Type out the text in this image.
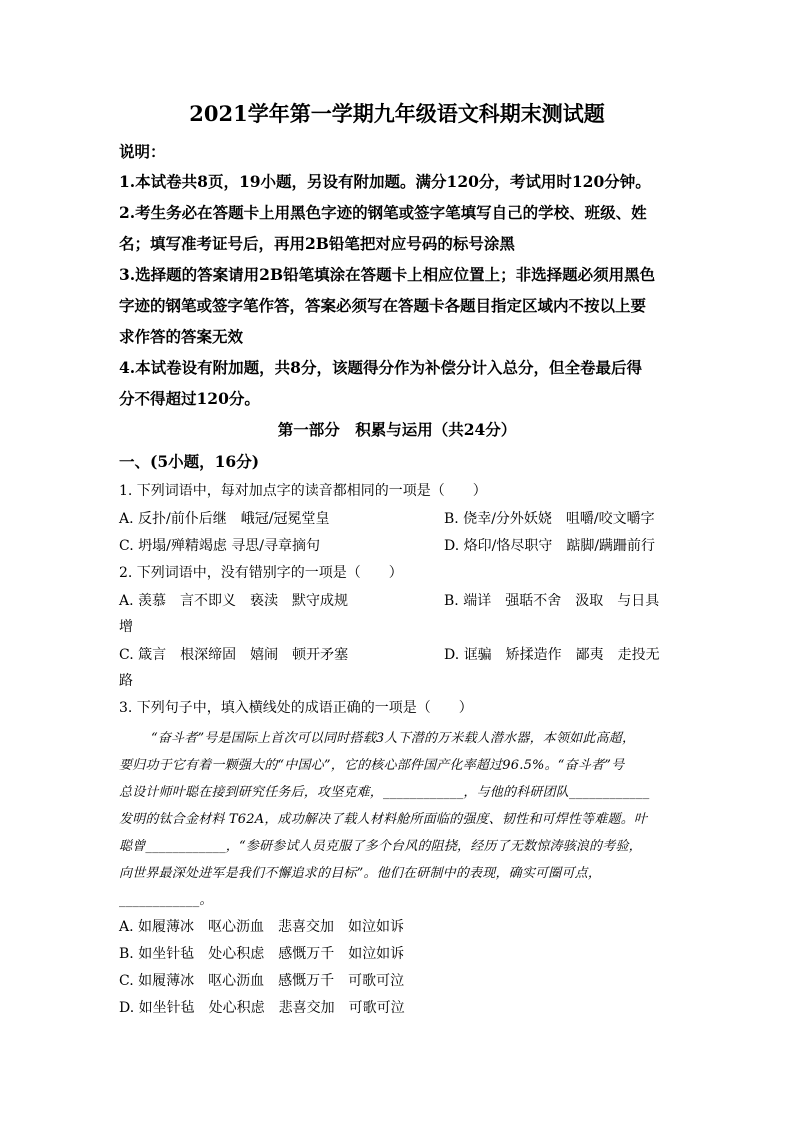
2021学年第一学期九年级语文科期末测试题
说明：
1.本试卷共8页，19小题，另设有附加题。满分120分，考试用时120分钟。
2.考生务必在答题卡上用黑色字迹的钢笔或签字笔填写自己的学校、班级、姓
名；填写准考证号后，再用2B铅笔把对应号码的标号涂黑
3.选择题的答案请用2B铅笔填涂在答题卡上相应位置上；非选择题必须用黑色
字迹的钢笔或签字笔作答，答案必须写在答题卡各题目指定区域内不按以上要
求作答的答案无效
4.本试卷设有附加题，共8分，该题得分作为补偿分计入总分，但全卷最后得
分不得超过120分。
第一部分　积累与运用（共24分）
一、(5小题，16分)
1. 下列词语中，每对加点字的读音都相同的一项是（　　）
A. 反扑/前仆后继　峨冠/冠冕堂皇	B. 侥幸/分外妖娆　咀嚼/咬文嚼字
C. 坍塌/殚精竭虑 寻思/寻章摘句	D. 烙印/恪尽职守　踮脚/蹒跚前行
2. 下列词语中，没有错别字的一项是（　　）
A. 羡慕　言不即义　亵渎　默守成规	B. 端详　强聒不舍　汲取　与日具
增
C. 箴言　根深缔固　嬉闹　顿开矛塞	D. 诓骗　矫揉造作　鄙夷　走投无
路
3. 下列句子中，填入横线处的成语正确的一项是（　　）
“奋斗者”号是国际上首次可以同时搭载3人下潜的万米载人潜水器，本领如此高超，
要归功于它有着一颗强大的“中国心”，它的核心部件国产化率超过96.5%。“奋斗者”号
总设计师叶聪在接到研究任务后，攻坚克难，____________，与他的科研团队____________
发明的钛合金材料 T62A，成功解决了载人材料舱所面临的强度、韧性和可焊性等难题。叶
聪曾____________，“参研参试人员克服了多个台风的阻挠，经历了无数惊涛骇浪的考验，
向世界最深处进军是我们不懈追求的目标”。他们在研制中的表现，确实可圈可点，
____________。
A. 如履薄冰　呕心沥血　悲喜交加　如泣如诉
B. 如坐针毡　处心积虑　感慨万千　如泣如诉
C. 如履薄冰　呕心沥血　感慨万千　可歌可泣
D. 如坐针毡　处心积虑　悲喜交加　可歌可泣
